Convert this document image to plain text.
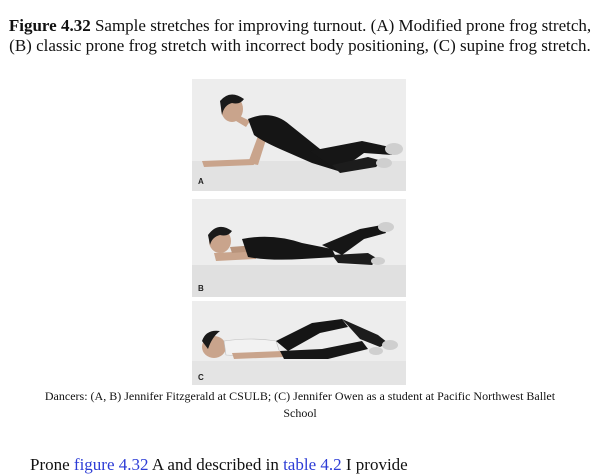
Figure 4.32 Sample stretches for improving turnout. (A) Modified prone frog stretch, (B) classic prone frog stretch with incorrect body positioning, (C) supine frog stretch.
A
B
C
Dancers: (A, B) Jennifer Fitzgerald at CSULB; (C) Jennifer Owen as a student at Pacific Northwest Ballet School
Prone figure 4.32 A and described in table 4.2 I provide
